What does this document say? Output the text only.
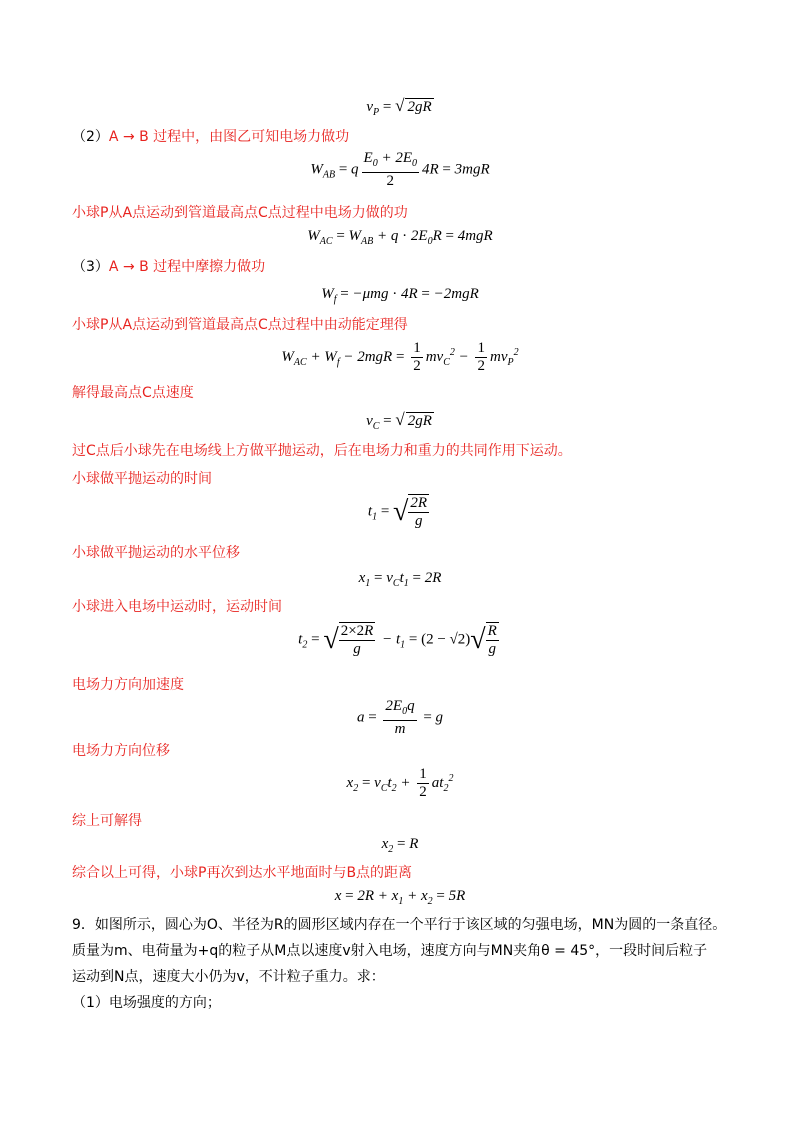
$v_P$ = √ 2gR
（2）A → B 过程中，由图乙可知电场力做功
$W_{AB} = q \frac{E_0 + 2E_0}{2} 4R = 3mgR$
小球P从A点运动到管道最高点C点过程中电场力做的功
$W_{AC} = W_{AB} + q \cdot 2E_0R = 4mgR$
（3）A → B 过程中摩擦力做功
$W_f = -\mu mg \cdot 4R = -2mgR$
小球P从A点运动到管道最高点C点过程中由动能定理得
$W_{AC} + W_f - 2mgR = \frac{1}{2} mv_C^2 - \frac{1}{2} mv_P^2$
解得最高点C点速度
$v_C$ = √ 2gR
过C点后小球先在电场线上方做平抛运动，后在电场力和重力的共同作用下运动。
小球做平抛运动的时间
$t_1$ = √ $\frac{2R}{g}$
小球做平抛运动的水平位移
$x_1 = v_Ct_1 = 2R$
小球进入电场中运动时，运动时间
$t_2$ = √ $\frac{2\times 2R}{g} - t_1 = (2 - √2)√ \frac{R}{g}$
电场力方向加速度
$a = \frac{2E_0q}{m} = g$
电场力方向位移
$x_2 = v_Ct_2 + \frac{1}{2} at_2^2$
综上可解得
$x_2 = R$
综合以上可得，小球P再次到达水平地面时与B点的距离
$x = 2R + x_1 + x_2 = 5R$
9．如图所示，圆心为O、半径为R的圆形区域内存在一个平行于该区域的匀强电场，MN为圆的一条直径。
质量为m、电荷量为+q的粒子从M点以速度v射入电场，速度方向与MN夹角θ = 45°，一段时间后粒子
运动到N点，速度大小仍为v，不计粒子重力。求：
（1）电场强度的方向；
